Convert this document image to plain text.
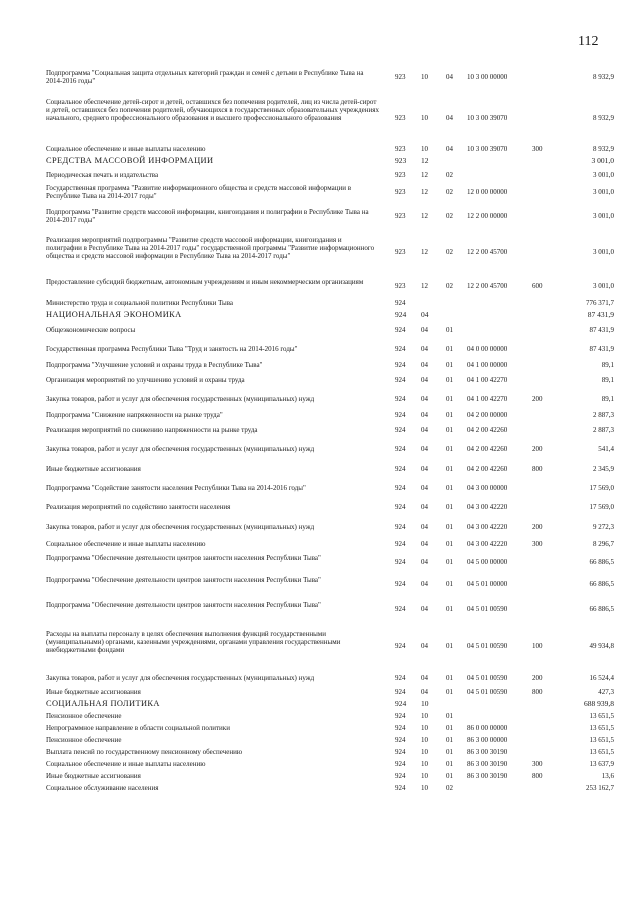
112
Подпрограмма "Социальная защита отдельных категорий граждан и семей с детьми в Республике Тыва на 2014-2016 годы"	923 10	04 10 3 00 00000	8 932,9
Социальное обеспечение детей-сирот и детей, оставшихся без попечения родителей, лиц из числа детей-сирот и детей, оставшихся без попечения родителей, обучающихся в государственных образовательных учреждениях начального, среднего профессионального образования и высшего профессионального образования	923 10	04 10 3 00 39070	8 932,9
Социальное обеспечение и иные выплаты населению	923 10	04 10 3 00 39070	300	8 932,9
СРЕДСТВА МАССОВОЙ ИНФОРМАЦИИ	923 12	3 001,0
Периодическая печать и издательства	923 12	02	3 001,0
Государственная программа "Развитие информационного общества и средств массовой информации в Республике Тыва на 2014-2017 годы"	923 12	02 12 0 00 00000	3 001,0
Подпрограмма "Развитие средств массовой информации, книгоиздания и полиграфии в Республике Тыва на 2014-2017 годы"	923 12	02 12 2 00 00000	3 001,0
Реализация мероприятий подпрограммы "Развитие средств массовой информации, книгоиздания и полиграфии в Республике Тыва на 2014-2017 годы" государственной программы "Развитие информационного общества и средств массовой информации в Республике Тыва на 2014-2017 годы"	923 12	02 12 2 00 45700	3 001,0
Предоставление субсидий бюджетным, автономным учреждениям и иным некоммерческим организациям	923 12	02 12 2 00 45700	600	3 001,0
Министерство труда и социальной политики Республики Тыва	924	776 371,7
НАЦИОНАЛЬНАЯ ЭКОНОМИКА	924 04	87 431,9
Общеэкономические вопросы	924 04	01	87 431,9
Государственная программа Республики Тыва "Труд и занятость на 2014-2016 годы"	924 04	01 04 0 00 00000	87 431,9
Подпрограмма "Улучшение условий и охраны труда в Республике Тыва"	924 04	01 04 1 00 00000	89,1
Организация мероприятий по улучшению условий и охраны труда	924 04	01 04 1 00 42270	89,1
Закупка товаров, работ и услуг для обеспечения государственных (муниципальных) нужд	924 04	01 04 1 00 42270	200	89,1
Подпрограмма "Снижение напряженности на рынке труда"	924 04	01 04 2 00 00000	2 887,3
Реализация мероприятий по снижению напряженности на рынке труда	924 04	01 04 2 00 42260	2 887,3
Закупка товаров, работ и услуг для обеспечения государственных (муниципальных) нужд	924 04	01 04 2 00 42260	200	541,4
Иные бюджетные ассигнования	924 04	01 04 2 00 42260	800	2 345,9
Подпрограмма "Содействие занятости населения Республики Тыва на 2014-2016 годы"	924 04	01 04 3 00 00000	17 569,0
Реализация мероприятий по содействию занятости населения	924 04	01 04 3 00 42220	17 569,0
Закупка товаров, работ и услуг для обеспечения государственных (муниципальных) нужд	924 04	01 04 3 00 42220	200	9 272,3
Социальное обеспечение и иные выплаты населению	924 04	01 04 3 00 42220	300	8 296,7
Подпрограмма "Обеспечение деятельности центров занятости населения Республики Тыва"	924 04	01 04 5 00 00000	66 886,5
Подпрограмма "Обеспечение деятельности центров занятости населения Республики Тыва"	924 04	01 04 5 01 00000	66 886,5
Подпрограмма "Обеспечение деятельности центров занятости населения Республики Тыва"	924 04	01 04 5 01 00590	66 886,5
Расходы на выплаты персоналу в целях обеспечения выполнения функций государственными (муниципальными) органами, казенными учреждениями, органами управления государственными внебюджетными фондами	924 04	01 04 5 01 00590	100	49 934,8
Закупка товаров, работ и услуг для обеспечения государственных (муниципальных) нужд	924 04	01 04 5 01 00590	200	16 524,4
Иные бюджетные ассигнования	924 04	01 04 5 01 00590	800	427,3
СОЦИАЛЬНАЯ ПОЛИТИКА	924 10	688 939,8
Пенсионное обеспечение	924 10	01	13 651,5
Непрограммное направление в области социальной политики	924 10	01 86 0 00 00000	13 651,5
Пенсионное обеспечение	924 10	01 86 3 00 00000	13 651,5
Выплата пенсий по государственному пенсионному обеспечению	924 10	01 86 3 00 30190	13 651,5
Социальное обеспечение и иные выплаты населению	924 10	01 86 3 00 30190	300	13 637,9
Иные бюджетные ассигнования	924 10	01 86 3 00 30190	800	13,6
Социальное обслуживание населения	924 10	02	253 162,7
